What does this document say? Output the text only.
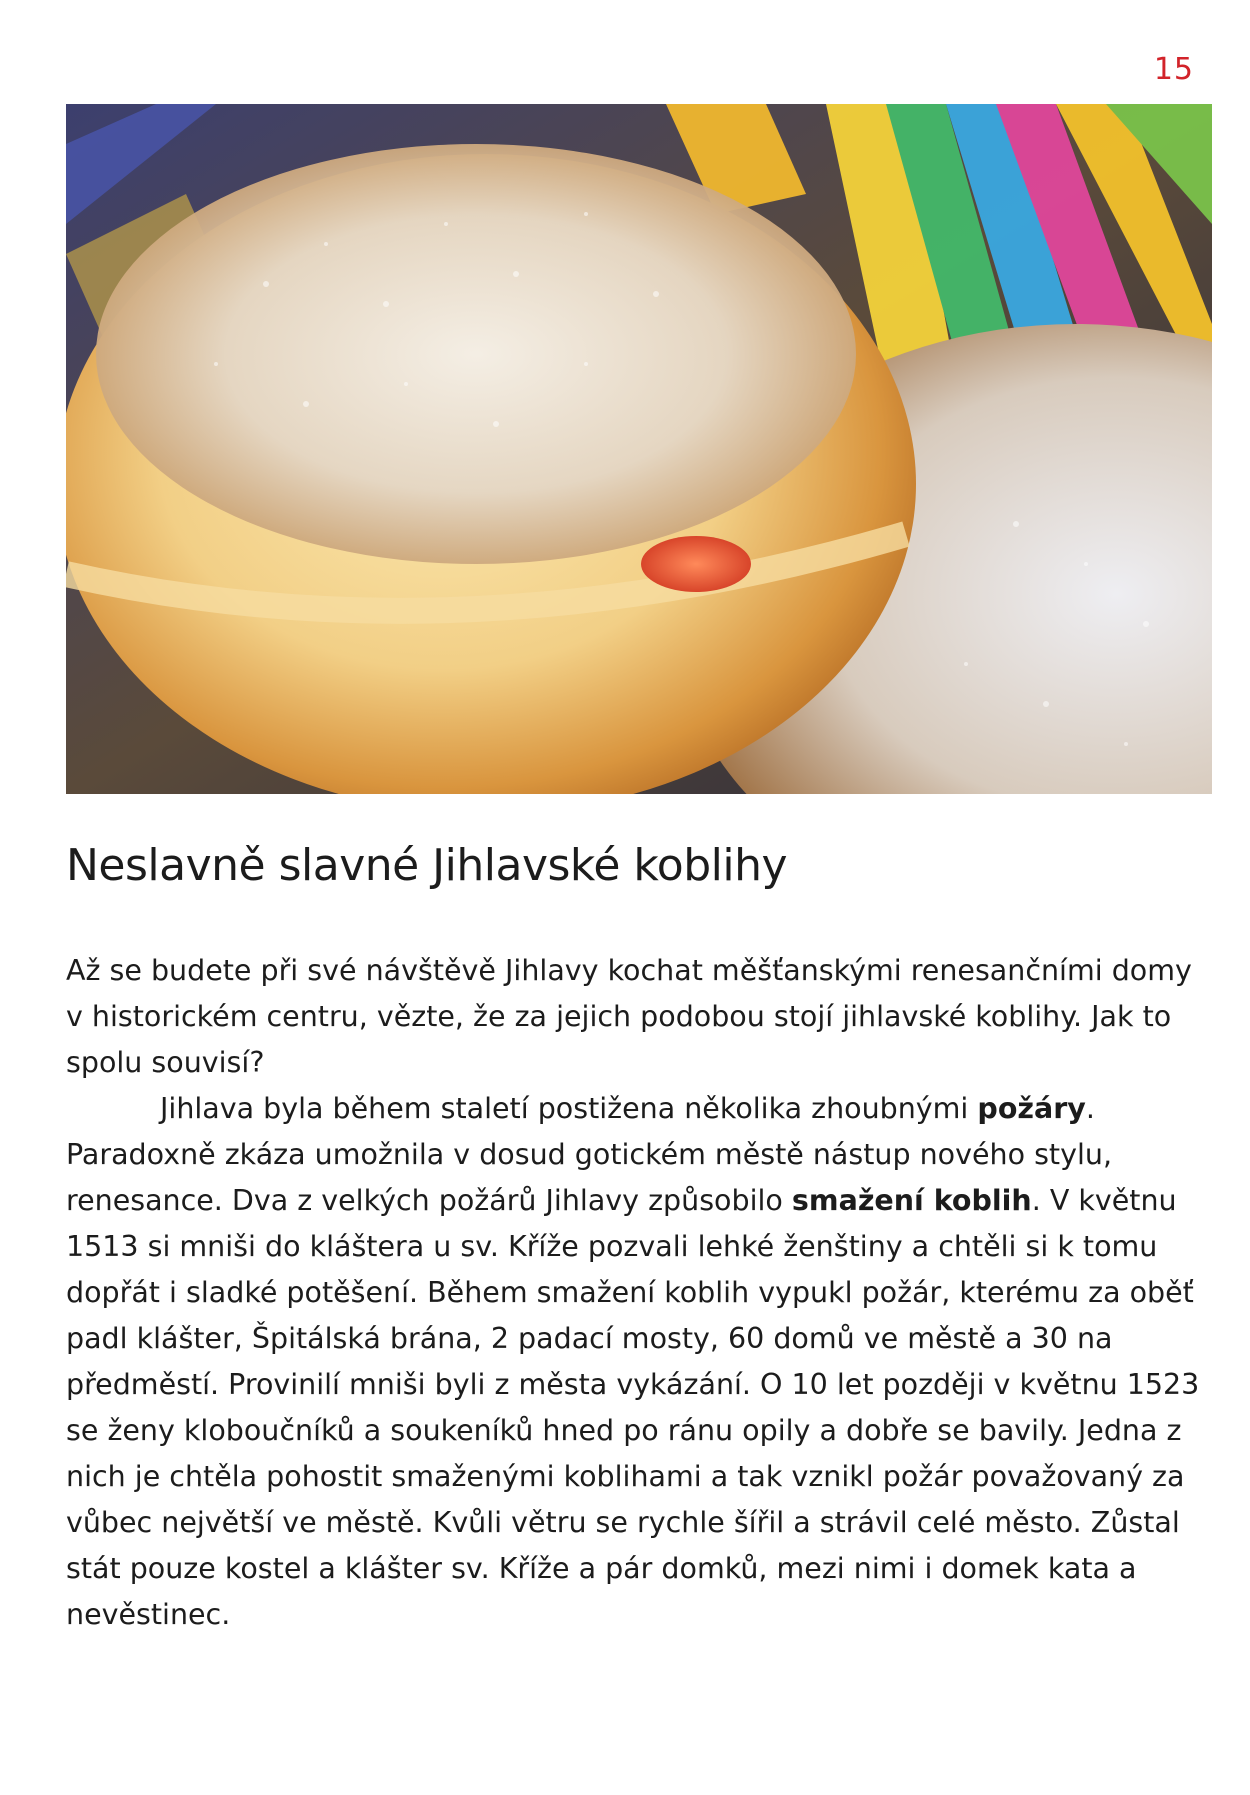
15
Neslavně slavné Jihlavské koblihy

Až se budete při své návštěvě Jihlavy kochat měšťanskými renesančními domy v historickém centru, vězte, že za jejich podobou stojí jihlavské koblihy. Jak to spolu souvisí?

Jihlava byla během staletí postižena několika zhoubnými požáry. Paradoxně zkáza umožnila v dosud gotickém městě nástup nového stylu, renesance. Dva z velkých požárů Jihlavy způsobilo smažení koblih. V květnu 1513 si mniši do kláštera u sv. Kříže pozvali lehké ženštiny a chtěli si k tomu dopřát i sladké potěšení. Během smažení koblih vypukl požár, kterému za oběť padl klášter, Špitálská brána, 2 padací mosty, 60 domů ve městě a 30 na předměstí. Provinilí mniši byli z města vykázání. O 10 let později v květnu 1523 se ženy kloboučníků a soukeníků hned po ránu opily a dobře se bavily. Jedna z nich je chtěla pohostit smaženými koblihami a tak vznikl požár považovaný za vůbec největší ve městě. Kvůli větru se rychle šířil a strávil celé město. Zůstal stát pouze kostel a klášter sv. Kříže a pár domků, mezi nimi i domek kata a nevěstinec.
